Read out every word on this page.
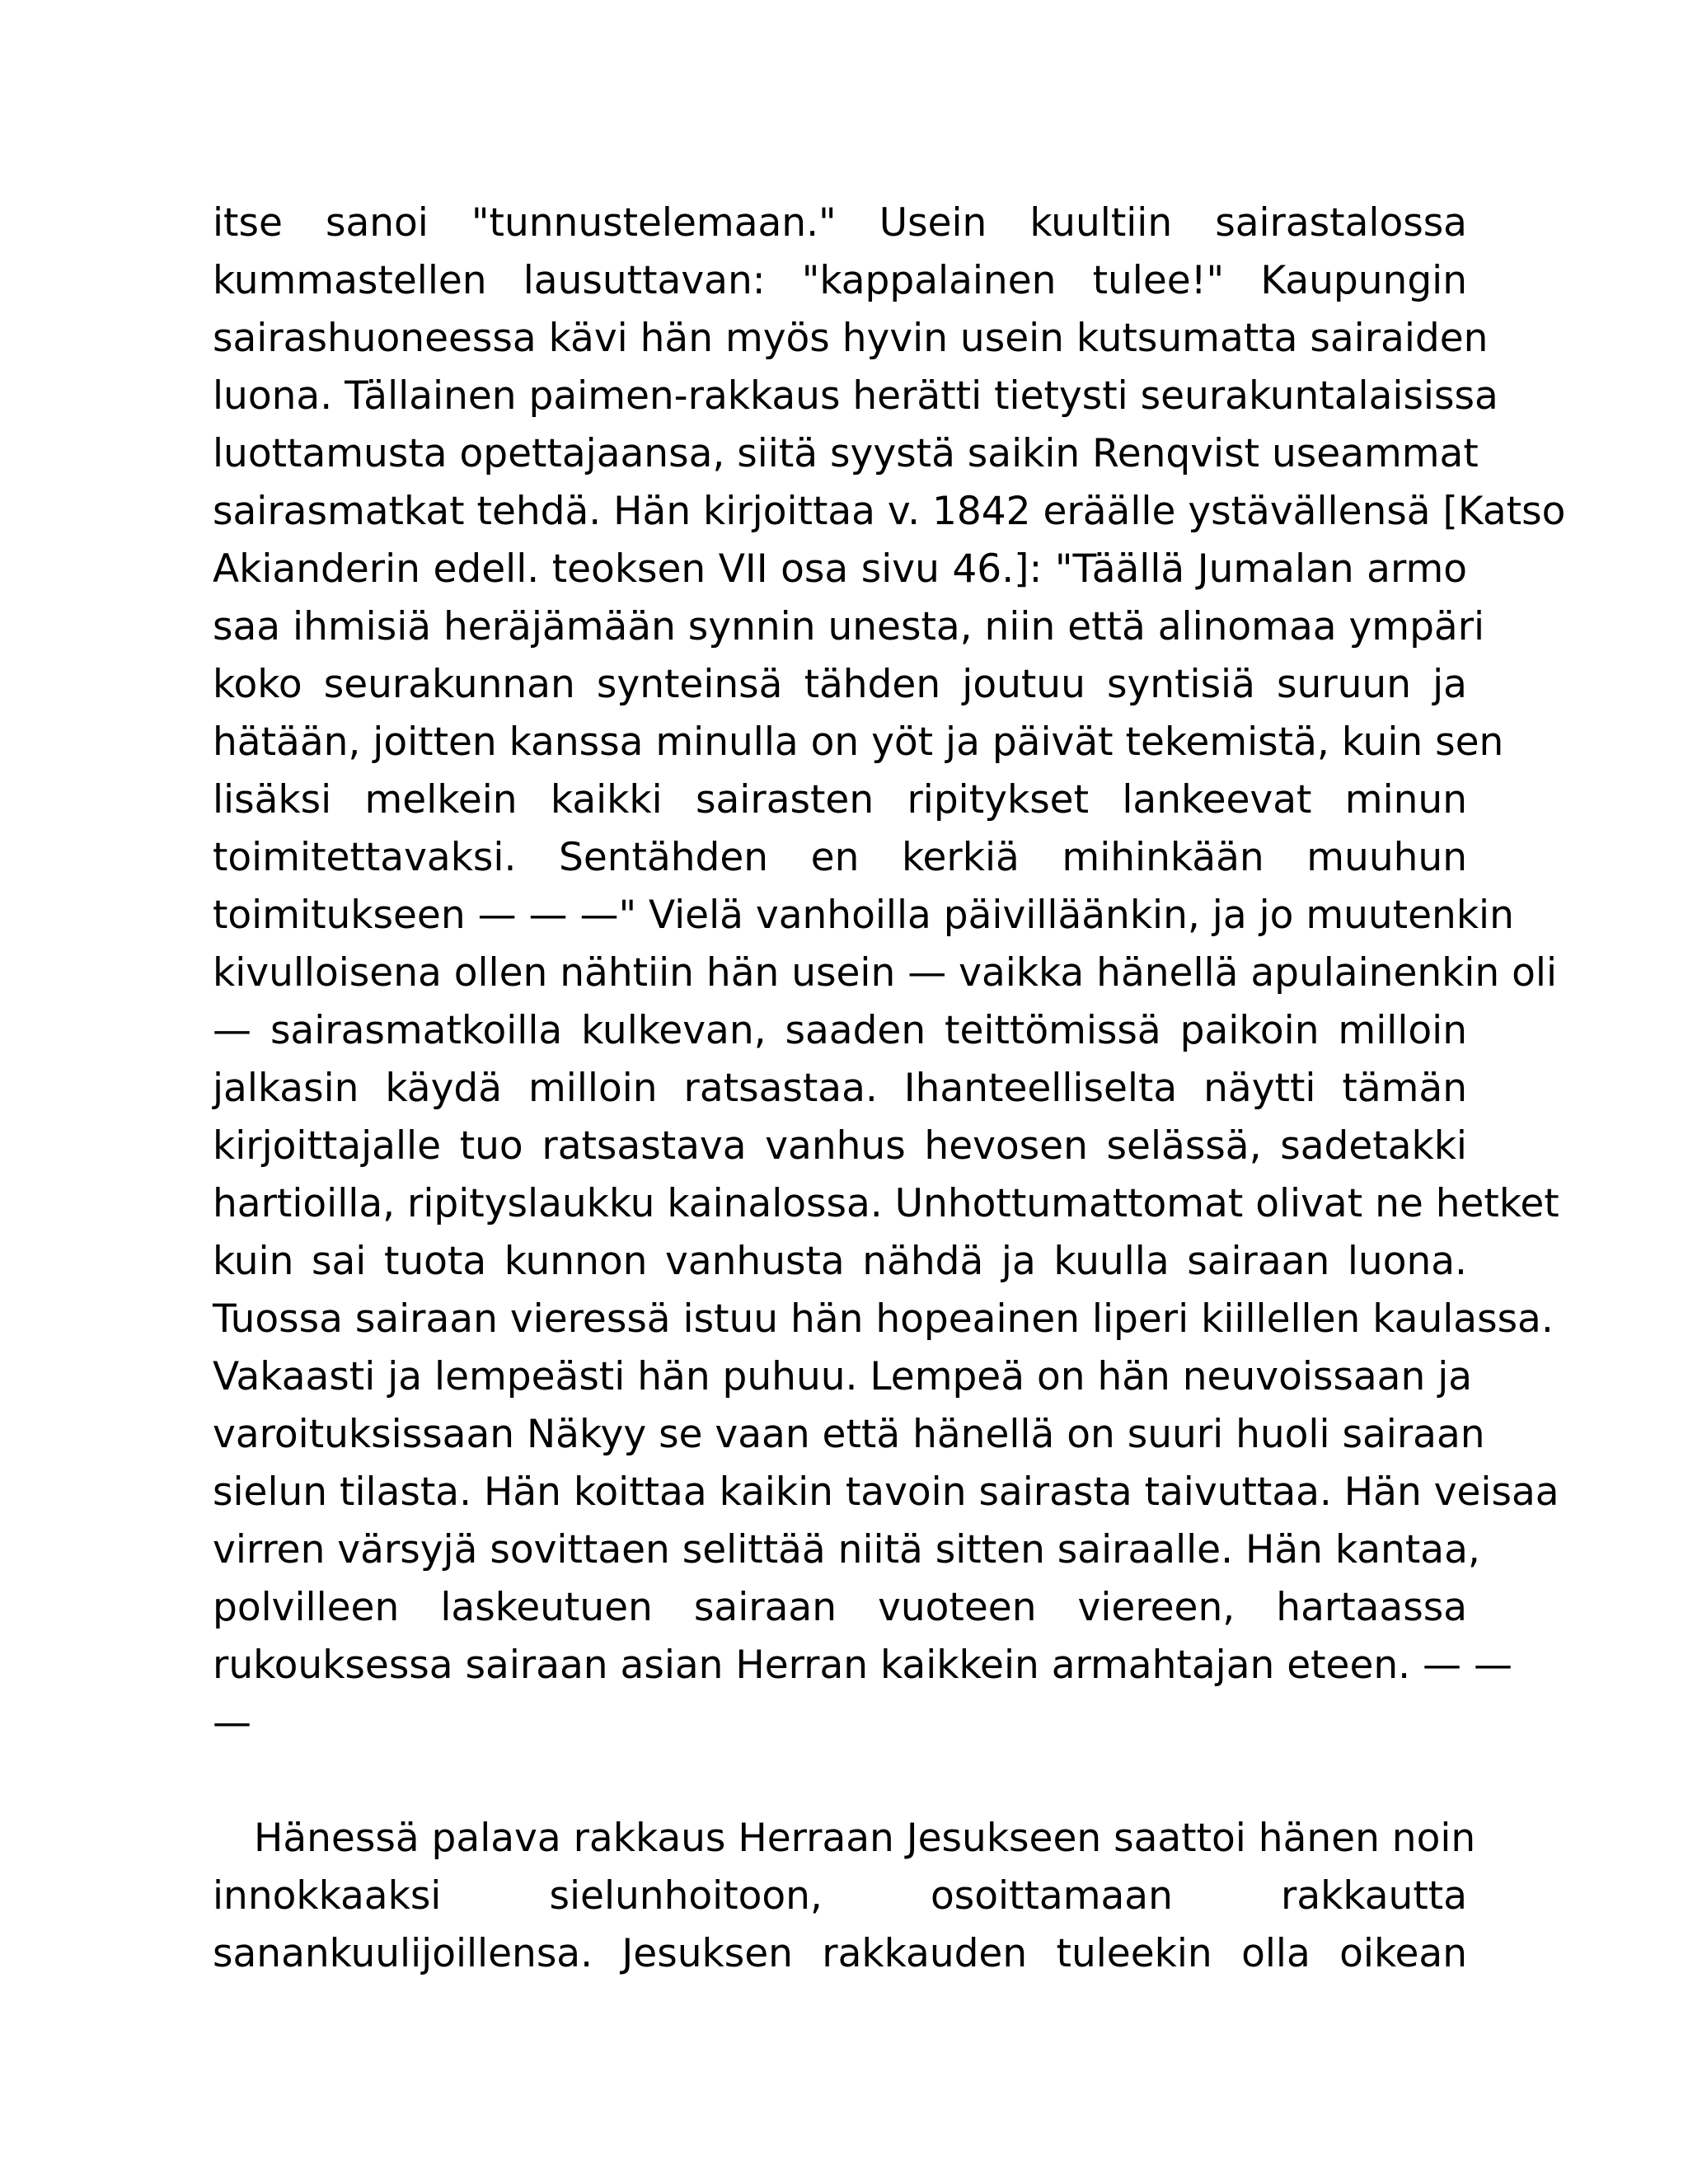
itse sanoi "tunnustelemaan." Usein kuultiin sairastalossa
kummastellen lausuttavan: "kappalainen tulee!" Kaupungin
sairashuoneessa kävi hän myös hyvin usein kutsumatta sairaiden
luona. Tällainen paimen-rakkaus herätti tietysti seurakuntalaisissa
luottamusta opettajaansa, siitä syystä saikin Renqvist useammat
sairasmatkat tehdä. Hän kirjoittaa v. 1842 eräälle ystävällensä [Katso
Akianderin edell. teoksen VII osa sivu 46.]: "Täällä Jumalan armo
saa ihmisiä heräjämään synnin unesta, niin että alinomaa ympäri
koko seurakunnan synteinsä tähden joutuu syntisiä suruun ja
hätään, joitten kanssa minulla on yöt ja päivät tekemistä, kuin sen
lisäksi melkein kaikki sairasten ripitykset lankeevat minun
toimitettavaksi. Sentähden en kerkiä mihinkään muuhun
toimitukseen — — —" Vielä vanhoilla päivilläänkin, ja jo muutenkin
kivulloisena ollen nähtiin hän usein — vaikka hänellä apulainenkin oli
— sairasmatkoilla kulkevan, saaden teittömissä paikoin milloin
jalkasin käydä milloin ratsastaa. Ihanteelliselta näytti tämän
kirjoittajalle tuo ratsastava vanhus hevosen selässä, sadetakki
hartioilla, ripityslaukku kainalossa. Unhottumattomat olivat ne hetket
kuin sai tuota kunnon vanhusta nähdä ja kuulla sairaan luona.
Tuossa sairaan vieressä istuu hän hopeainen liperi kiillellen kaulassa.
Vakaasti ja lempeästi hän puhuu. Lempeä on hän neuvoissaan ja
varoituksissaan Näkyy se vaan että hänellä on suuri huoli sairaan
sielun tilasta. Hän koittaa kaikin tavoin sairasta taivuttaa. Hän veisaa
virren värsyjä sovittaen selittää niitä sitten sairaalle. Hän kantaa,
polvilleen laskeutuen sairaan vuoteen viereen, hartaassa
rukouksessa sairaan asian Herran kaikkein armahtajan eteen. — —
—
Hänessä palava rakkaus Herraan Jesukseen saattoi hänen noin
innokkaaksi sielunhoitoon, osoittamaan rakkautta
sanankuulijoillensa. Jesuksen rakkauden tuleekin olla oikean
